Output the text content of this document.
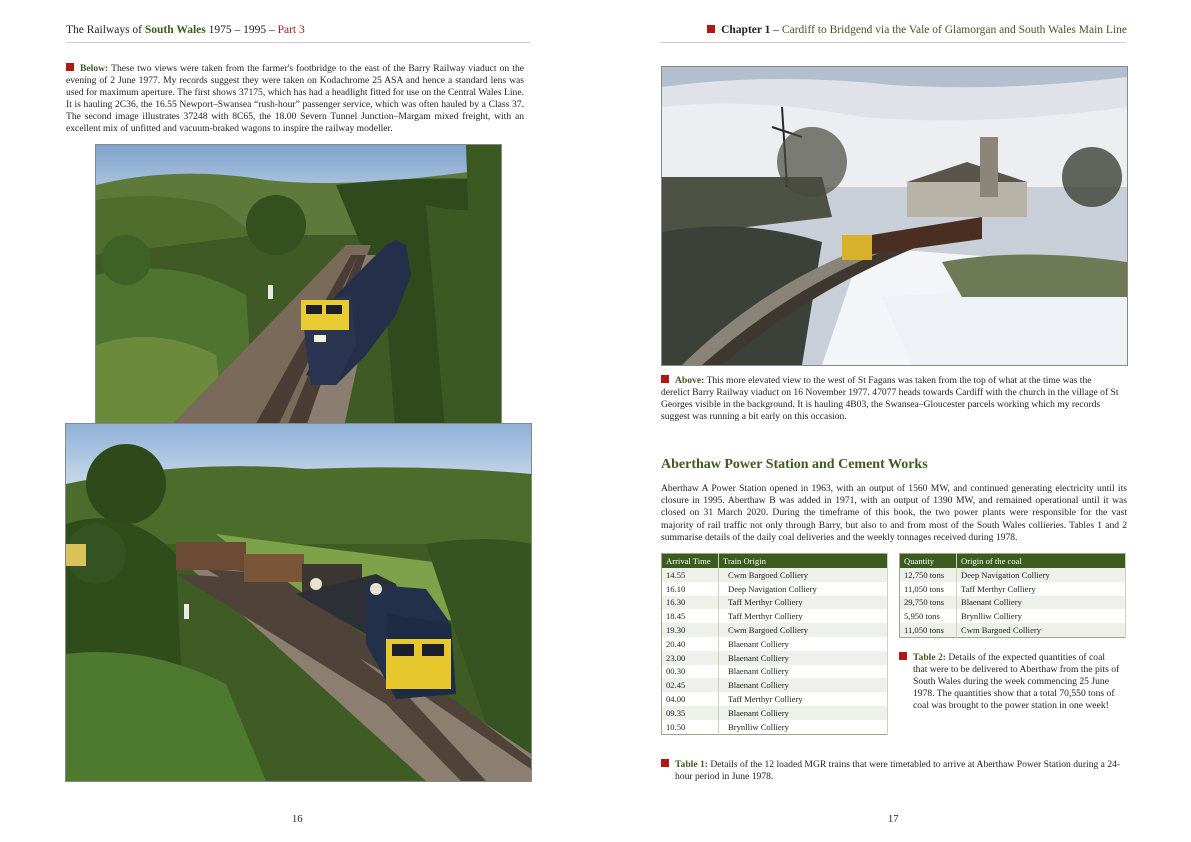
The Railways of South Wales 1975 – 1995 – Part 3	Chapter 1 – Cardiff to Bridgend via the Vale of Glamorgan and South Wales Main Line
Below: These two views were taken from the farmer's footbridge to the east of the Barry Railway viaduct on the evening of 2 June 1977. My records suggest they were taken on Kodachrome 25 ASA and hence a standard lens was used for maximum aperture. The first shows 37175, which has had a headlight fitted for use on the Central Wales Line. It is hauling 2C36, the 16.55 Newport–Swansea “rush-hour” passenger service, which was often hauled by a Class 37. The second image illustrates 37248 with 8C65, the 18.00 Severn Tunnel Junction–Margam mixed freight, with an excellent mix of unfitted and vacuum-braked wagons to inspire the railway modeller.
Above: This more elevated view to the west of St Fagans was taken from the top of what at the time was the derelict Barry Railway viaduct on 16 November 1977. 47077 heads towards Cardiff with the church in the village of St Georges visible in the background. It is hauling 4B03, the Swansea–Gloucester parcels working which my records suggest was running a bit early on this occasion.
Aberthaw Power Station and Cement Works
Aberthaw A Power Station opened in 1963, with an output of 1560 MW, and continued generating electricity until its closure in 1995. Aberthaw B was added in 1971, with an output of 1390 MW, and remained operational until it was closed on 31 March 2020. During the timeframe of this book, the two power plants were responsible for the vast majority of rail traffic not only through Barry, but also to and from most of the South Wales collieries. Tables 1 and 2 summarise details of the daily coal deliveries and the weekly tonnages received during 1978.
Arrival Time	Train Origin
14.55	Cwm Bargoed Colliery
16.10	Deep Navigation Colliery
16.30	Taff Merthyr Colliery
18.45	Taff Merthyr Colliery
19.30	Cwm Bargoed Colliery
20.40	Blaenant Colliery
23.00	Blaenant Colliery
00.30	Blaenant Colliery
02.45	Blaenant Colliery
04.00	Taff Merthyr Colliery
09.35	Blaenant Colliery
10.50	Brynlliw Colliery
Quantity	Origin of the coal
12,750 tons	Deep Navigation Colliery
11,050 tons	Taff Merthyr Colliery
29,750 tons	Blaenant Colliery
5,950 tons	Brynlliw Colliery
11,050 tons	Cwm Bargoed Colliery
Table 2: Details of the expected quantities of coal that were to be delivered to Aberthaw from the pits of South Wales during the week commencing 25 June 1978. The quantities show that a total 70,550 tons of coal was brought to the power station in one week!
Table 1: Details of the 12 loaded MGR trains that were timetabled to arrive at Aberthaw Power Station during a 24-hour period in June 1978.
16	17
